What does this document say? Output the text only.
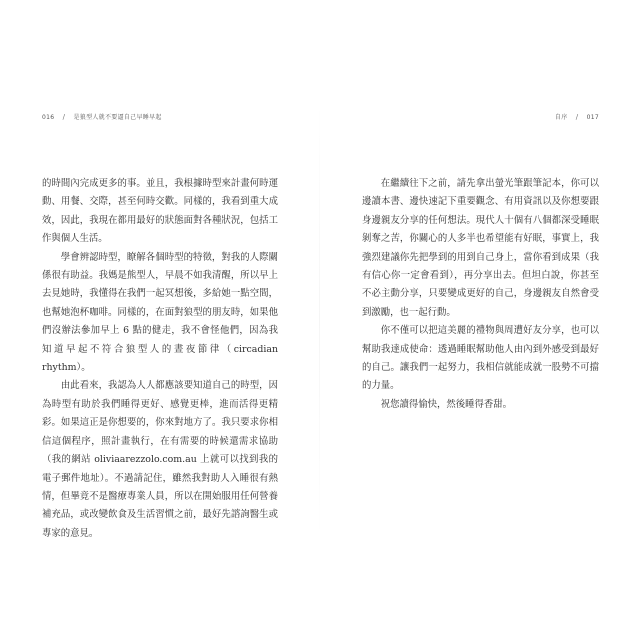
016 / 是狼型人就不要逼自己早睡早起

的時間內完成更多的事。並且，我根據時型來計畫何時運動、用餐、交際，甚至何時交歡。同樣的，我看到重大成效，因此，我現在都用最好的狀態面對各種狀況，包括工作與個人生活。

學會辨認時型，瞭解各個時型的特徵，對我的人際關係很有助益。我媽是熊型人，早晨不如我清醒，所以早上去見她時，我懂得在我們一起冥想後，多給她一點空間，也幫她泡杯咖啡。同樣的，在面對狼型的朋友時，如果他們沒辦法參加早上 6 點的健走，我不會怪他們，因為我知道早起不符合狼型人的晝夜節律（circadian rhythm）。

由此看來，我認為人人都應該要知道自己的時型，因為時型有助於我們睡得更好、感覺更棒，進而活得更精彩。如果這正是你想要的，你來對地方了。我只要求你相信這個程序，照計畫執行，在有需要的時候還需求協助（我的網站 oliviaarezzolo.com.au 上就可以找到我的電子郵件地址）。不過請記住，雖然我對助人入睡很有熱情，但畢竟不是醫療專業人員，所以在開始服用任何營養補充品，或改變飲食及生活習慣之前，最好先諮詢醫生或專家的意見。

自序 / 017

在繼續往下之前，請先拿出螢光筆跟筆記本，你可以邊讀本書、邊快速記下重要觀念、有用資訊以及你想要跟身邊親友分享的任何想法。現代人十個有八個都深受睡眠剝奪之苦，你關心的人多半也希望能有好眠，事實上，我強烈建議你先把學到的用到自己身上，當你看到成果（我有信心你一定會看到），再分享出去。但坦白說，你甚至不必主動分享，只要變成更好的自己，身邊親友自然會受到激勵，也一起行動。

你不僅可以把這美麗的禮物與周遭好友分享，也可以幫助我達成使命：透過睡眠幫助他人由內到外感受到最好的自己。讓我們一起努力，我相信就能成就一股勢不可擋的力量。

祝您讀得愉快，然後睡得香甜。
